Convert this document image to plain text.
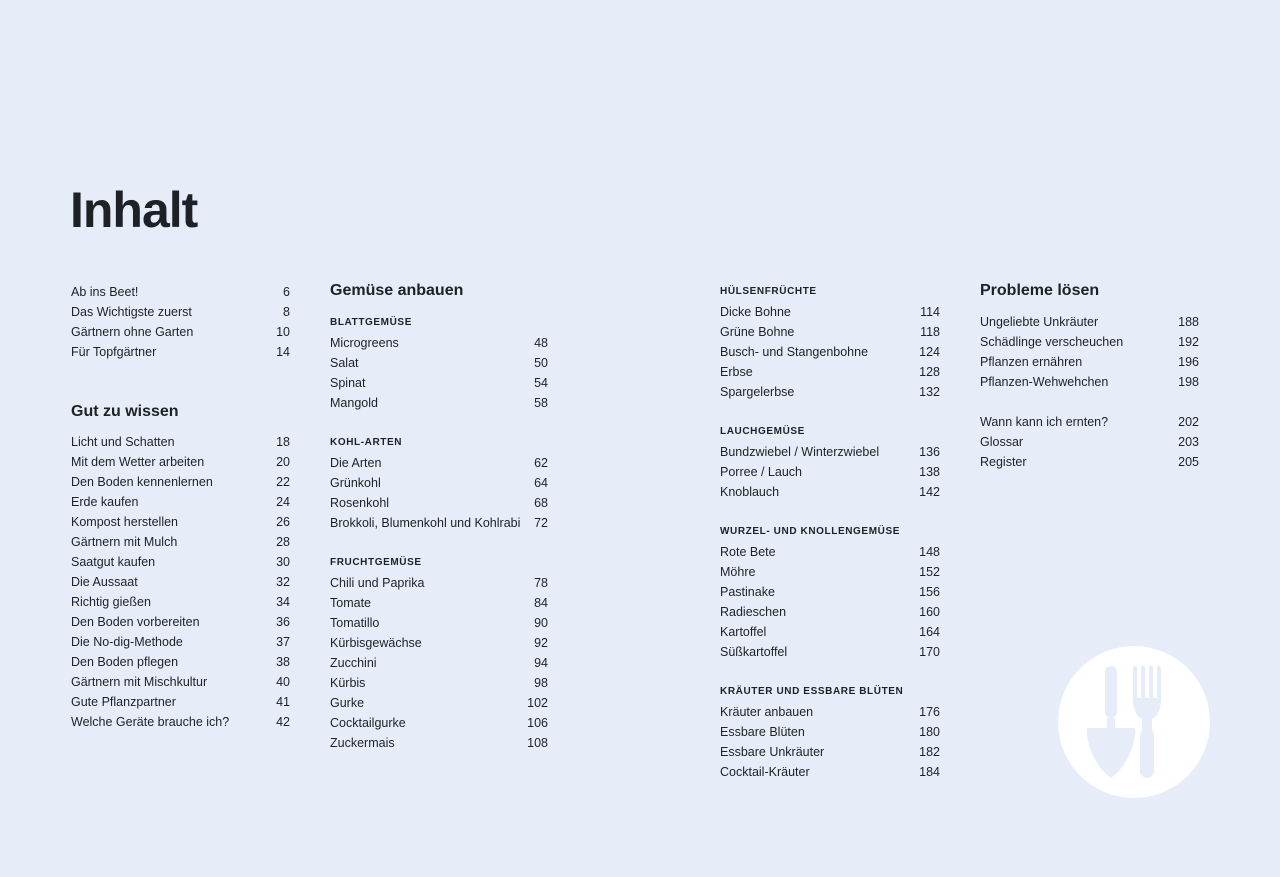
Inhalt
Ab ins Beet!	6
Das Wichtigste zuerst	8
Gärtnern ohne Garten	10
Für Topfgärtner	14
Gut zu wissen
Licht und Schatten	18
Mit dem Wetter arbeiten	20
Den Boden kennenlernen	22
Erde kaufen	24
Kompost herstellen	26
Gärtnern mit Mulch	28
Saatgut kaufen	30
Die Aussaat	32
Richtig gießen	34
Den Boden vorbereiten	36
Die No-dig-Methode	37
Den Boden pflegen	38
Gärtnern mit Mischkultur	40
Gute Pflanzpartner	41
Welche Geräte brauche ich?	42
Gemüse anbauen
BLATTGEMÜSE
Microgreens	48
Salat	50
Spinat	54
Mangold	58
KOHL-ARTEN
Die Arten	62
Grünkohl	64
Rosenkohl	68
Brokkoli, Blumenkohl und Kohlrabi 72
FRUCHTGEMÜSE
Chili und Paprika	78
Tomate	84
Tomatillo	90
Kürbisgewächse	92
Zucchini	94
Kürbis	98
Gurke	102
Cocktailgurke	106
Zuckermais	108
HÜLSENFRÜCHTE
Dicke Bohne	114
Grüne Bohne	118
Busch- und Stangenbohne	124
Erbse	128
Spargelerbse	132
LAUCHGEMÜSE
Bundzwiebel / Winterzwiebel	136
Porree / Lauch	138
Knoblauch	142
WURZEL- UND KNOLLENGEMÜSE
Rote Bete	148
Möhre	152
Pastinake	156
Radieschen	160
Kartoffel	164
Süßkartoffel	170
KRÄUTER UND ESSBARE BLÜTEN
Kräuter anbauen	176
Essbare Blüten	180
Essbare Unkräuter	182
Cocktail-Kräuter	184
Probleme lösen
Ungeliebte Unkräuter	188
Schädlinge verscheuchen	192
Pflanzen ernähren	196
Pflanzen-Wehwehchen	198
Wann kann ich ernten?	202
Glossar	203
Register	205
